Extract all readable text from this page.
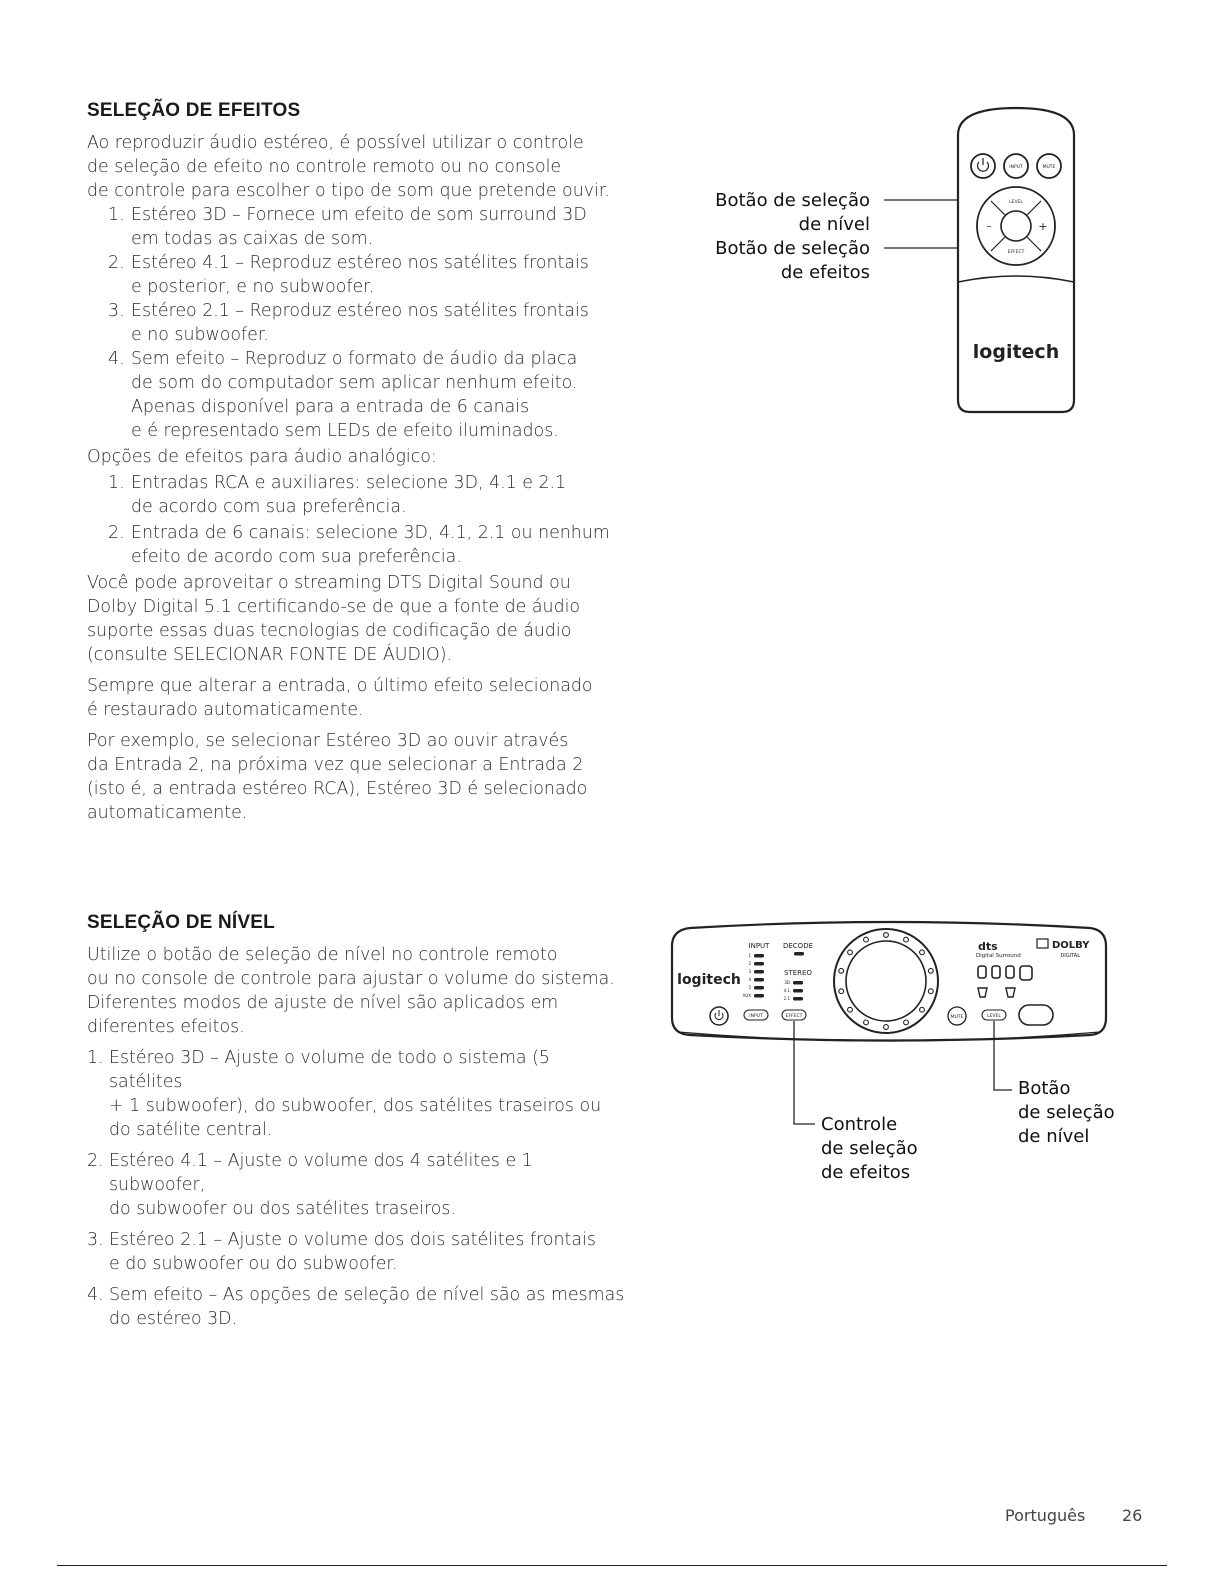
SELEÇÃO DE EFEITOS

Ao reproduzir áudio estéreo, é possível utilizar o controle
de seleção de efeito no controle remoto ou no console
de controle para escolher o tipo de som que pretende ouvir.

1. Estéreo 3D – Fornece um efeito de som surround 3D
em todas as caixas de som.
2. Estéreo 4.1 – Reproduz estéreo nos satélites frontais
e posterior, e no subwoofer.
3. Estéreo 2.1 – Reproduz estéreo nos satélites frontais
e no subwoofer.
4. Sem efeito – Reproduz o formato de áudio da placa
de som do computador sem aplicar nenhum efeito.
Apenas disponível para a entrada de 6 canais
e é representado sem LEDs de efeito iluminados.

Opções de efeitos para áudio analógico:

1. Entradas RCA e auxiliares: selecione 3D, 4.1 e 2.1
de acordo com sua preferência.
2. Entrada de 6 canais: selecione 3D, 4.1, 2.1 ou nenhum
efeito de acordo com sua preferência.

Você pode aproveitar o streaming DTS Digital Sound ou
Dolby Digital 5.1 certificando-se de que a fonte de áudio
suporte essas duas tecnologias de codificação de áudio
(consulte SELECIONAR FONTE DE ÁUDIO).

Sempre que alterar a entrada, o último efeito selecionado
é restaurado automaticamente.

Por exemplo, se selecionar Estéreo 3D ao ouvir através
da Entrada 2, na próxima vez que selecionar a Entrada 2
(isto é, a entrada estéreo RCA), Estéreo 3D é selecionado
automaticamente.

Botão de seleção
de nível
Botão de seleção
de efeitos
INPUT	MUTE
LEVEL
EFFECT
–	+
logitech
SELEÇÃO DE NÍVEL

Utilize o botão de seleção de nível no controle remoto
ou no console de controle para ajustar o volume do sistema.
Diferentes modos de ajuste de nível são aplicados em
diferentes efeitos.

1. Estéreo 3D – Ajuste o volume de todo o sistema (5 satélites
+ 1 subwoofer), do subwoofer, dos satélites traseiros ou
do satélite central.
2. Estéreo 4.1 – Ajuste o volume dos 4 satélites e 1 subwoofer,
do subwoofer ou dos satélites traseiros.
3. Estéreo 2.1 – Ajuste o volume dos dois satélites frontais
e do subwoofer ou do subwoofer.
4. Sem efeito – As opções de seleção de nível são as mesmas
do estéreo 3D.
logitech
INPUT DECODE
STEREO
1
2
3
4
5
AUX
3D
4.1
2.1
INPUT	EFFECT
dts
Digital Surround
DOLBY
DIGITAL
MUTE	LEVEL
Controle
de seleção
de efeitos
Botão
de seleção
de nível
Português 26
